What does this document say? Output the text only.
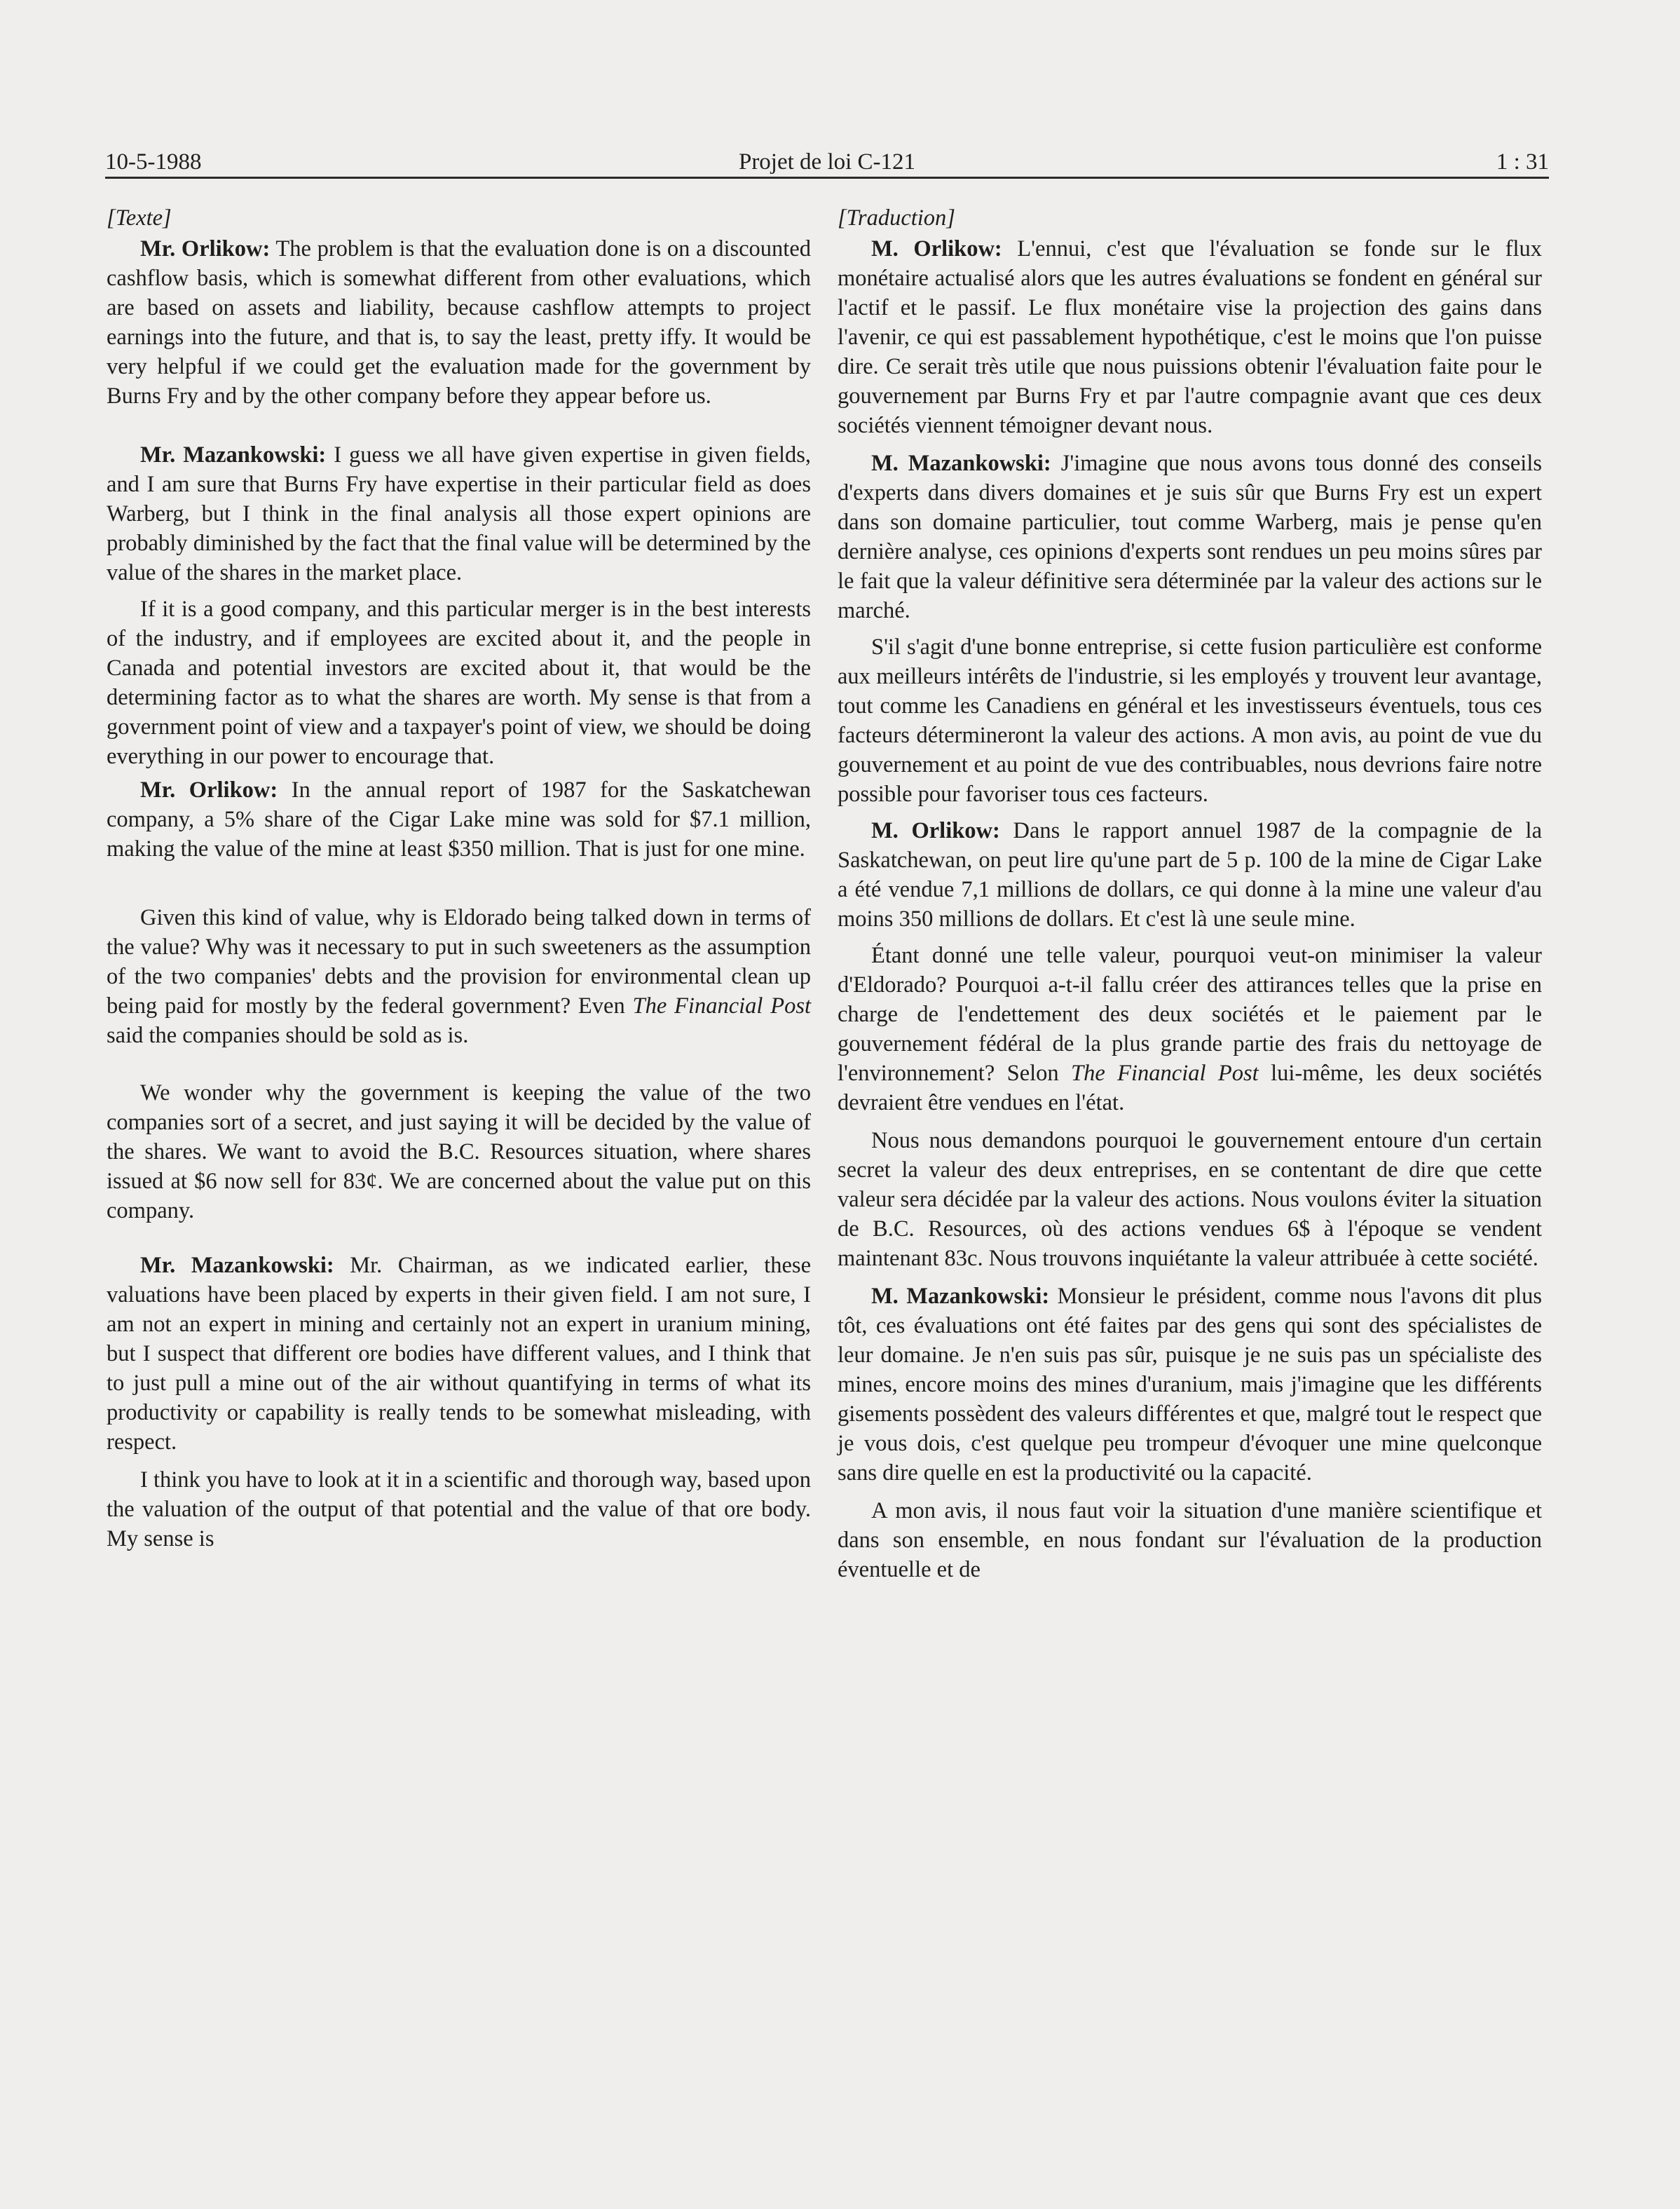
10-5-1988	Projet de loi C-121	1 : 31

[Texte]

Mr. Orlikow: The problem is that the evaluation done is on a discounted cashflow basis, which is somewhat different from other evaluations, which are based on assets and liability, because cashflow attempts to project earnings into the future, and that is, to say the least, pretty iffy. It would be very helpful if we could get the evaluation made for the government by Burns Fry and by the other company before they appear before us.

Mr. Mazankowski: I guess we all have given expertise in given fields, and I am sure that Burns Fry have expertise in their particular field as does Warberg, but I think in the final analysis all those expert opinions are probably diminished by the fact that the final value will be determined by the value of the shares in the market place.

If it is a good company, and this particular merger is in the best interests of the industry, and if employees are excited about it, and the people in Canada and potential investors are excited about it, that would be the determining factor as to what the shares are worth. My sense is that from a government point of view and a taxpayer's point of view, we should be doing everything in our power to encourage that.

Mr. Orlikow: In the annual report of 1987 for the Saskatchewan company, a 5% share of the Cigar Lake mine was sold for $7.1 million, making the value of the mine at least $350 million. That is just for one mine.

Given this kind of value, why is Eldorado being talked down in terms of the value? Why was it necessary to put in such sweeteners as the assumption of the two companies' debts and the provision for environmental clean up being paid for mostly by the federal government? Even The Financial Post said the companies should be sold as is.

We wonder why the government is keeping the value of the two companies sort of a secret, and just saying it will be decided by the value of the shares. We want to avoid the B.C. Resources situation, where shares issued at $6 now sell for 83¢. We are concerned about the value put on this company.

Mr. Mazankowski: Mr. Chairman, as we indicated earlier, these valuations have been placed by experts in their given field. I am not sure, I am not an expert in mining and certainly not an expert in uranium mining, but I suspect that different ore bodies have different values, and I think that to just pull a mine out of the air without quantifying in terms of what its productivity or capability is really tends to be somewhat misleading, with respect.

I think you have to look at it in a scientific and thorough way, based upon the valuation of the output of that potential and the value of that ore body. My sense is

[Traduction]

M. Orlikow: L'ennui, c'est que l'évaluation se fonde sur le flux monétaire actualisé alors que les autres évaluations se fondent en général sur l'actif et le passif. Le flux monétaire vise la projection des gains dans l'avenir, ce qui est passablement hypothétique, c'est le moins que l'on puisse dire. Ce serait très utile que nous puissions obtenir l'évaluation faite pour le gouvernement par Burns Fry et par l'autre compagnie avant que ces deux sociétés viennent témoigner devant nous.

M. Mazankowski: J'imagine que nous avons tous donné des conseils d'experts dans divers domaines et je suis sûr que Burns Fry est un expert dans son domaine particulier, tout comme Warberg, mais je pense qu'en dernière analyse, ces opinions d'experts sont rendues un peu moins sûres par le fait que la valeur définitive sera déterminée par la valeur des actions sur le marché.

S'il s'agit d'une bonne entreprise, si cette fusion particulière est conforme aux meilleurs intérêts de l'industrie, si les employés y trouvent leur avantage, tout comme les Canadiens en général et les investisseurs éventuels, tous ces facteurs détermineront la valeur des actions. A mon avis, au point de vue du gouvernement et au point de vue des contribuables, nous devrions faire notre possible pour favoriser tous ces facteurs.

M. Orlikow: Dans le rapport annuel 1987 de la compagnie de la Saskatchewan, on peut lire qu'une part de 5 p. 100 de la mine de Cigar Lake a été vendue 7,1 millions de dollars, ce qui donne à la mine une valeur d'au moins 350 millions de dollars. Et c'est là une seule mine.

Étant donné une telle valeur, pourquoi veut-on minimiser la valeur d'Eldorado? Pourquoi a-t-il fallu créer des attirances telles que la prise en charge de l'endettement des deux sociétés et le paiement par le gouvernement fédéral de la plus grande partie des frais du nettoyage de l'environnement? Selon The Financial Post lui-même, les deux sociétés devraient être vendues en l'état.

Nous nous demandons pourquoi le gouvernement entoure d'un certain secret la valeur des deux entreprises, en se contentant de dire que cette valeur sera décidée par la valeur des actions. Nous voulons éviter la situation de B.C. Resources, où des actions vendues 6$ à l'époque se vendent maintenant 83c. Nous trouvons inquiétante la valeur attribuée à cette société.

M. Mazankowski: Monsieur le président, comme nous l'avons dit plus tôt, ces évaluations ont été faites par des gens qui sont des spécialistes de leur domaine. Je n'en suis pas sûr, puisque je ne suis pas un spécialiste des mines, encore moins des mines d'uranium, mais j'imagine que les différents gisements possèdent des valeurs différentes et que, malgré tout le respect que je vous dois, c'est quelque peu trompeur d'évoquer une mine quelconque sans dire quelle en est la productivité ou la capacité.

A mon avis, il nous faut voir la situation d'une manière scientifique et dans son ensemble, en nous fondant sur l'évaluation de la production éventuelle et de
